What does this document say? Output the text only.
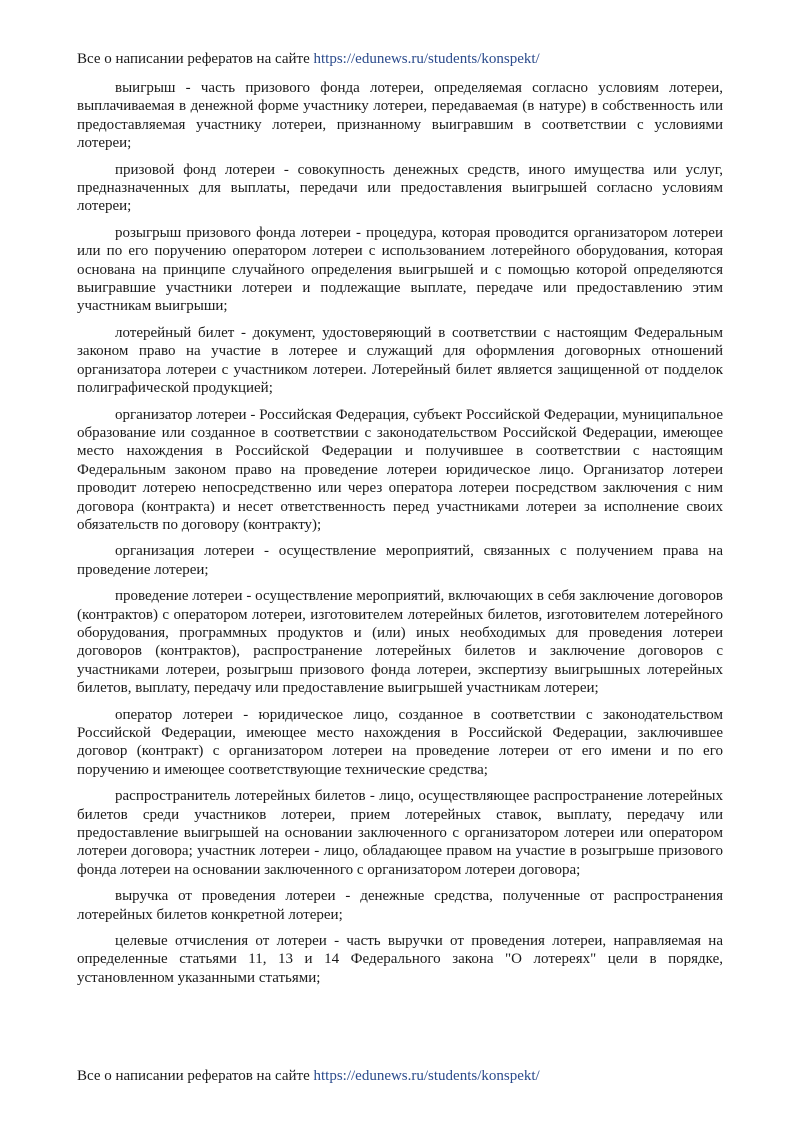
Все о написании рефератов на сайте https://edunews.ru/students/konspekt/

выигрыш - часть призового фонда лотереи, определяемая согласно условиям лотереи, выплачиваемая в денежной форме участнику лотереи, передаваемая (в натуре) в собственность или предоставляемая участнику лотереи, признанному выигравшим в соответствии с условиями лотереи;

призовой фонд лотереи - совокупность денежных средств, иного имущества или услуг, предназначенных для выплаты, передачи или предоставления выигрышей согласно условиям лотереи;

розыгрыш призового фонда лотереи - процедура, которая проводится организатором лотереи или по его поручению оператором лотереи с использованием лотерейного оборудования, которая основана на принципе случайного определения выигрышей и с помощью которой определяются выигравшие участники лотереи и подлежащие выплате, передаче или предоставлению этим участникам выигрыши;

лотерейный билет - документ, удостоверяющий в соответствии с настоящим Федеральным законом право на участие в лотерее и служащий для оформления договорных отношений организатора лотереи с участником лотереи. Лотерейный билет является защищенной от подделок полиграфической продукцией;

организатор лотереи - Российская Федерация, субъект Российской Федерации, муниципальное образование или созданное в соответствии с законодательством Российской Федерации, имеющее место нахождения в Российской Федерации и получившее в соответствии с настоящим Федеральным законом право на проведение лотереи юридическое лицо. Организатор лотереи проводит лотерею непосредственно или через оператора лотереи посредством заключения с ним договора (контракта) и несет ответственность перед участниками лотереи за исполнение своих обязательств по договору (контракту);

организация лотереи - осуществление мероприятий, связанных с получением права на проведение лотереи;

проведение лотереи - осуществление мероприятий, включающих в себя заключение договоров (контрактов) с оператором лотереи, изготовителем лотерейных билетов, изготовителем лотерейного оборудования, программных продуктов и (или) иных необходимых для проведения лотереи договоров (контрактов), распространение лотерейных билетов и заключение договоров с участниками лотереи, розыгрыш призового фонда лотереи, экспертизу выигрышных лотерейных билетов, выплату, передачу или предоставление выигрышей участникам лотереи;

оператор лотереи - юридическое лицо, созданное в соответствии с законодательством Российской Федерации, имеющее место нахождения в Российской Федерации, заключившее договор (контракт) с организатором лотереи на проведение лотереи от его имени и по его поручению и имеющее соответствующие технические средства;

распространитель лотерейных билетов - лицо, осуществляющее распространение лотерейных билетов среди участников лотереи, прием лотерейных ставок, выплату, передачу или предоставление выигрышей на основании заключенного с организатором лотереи или оператором лотереи договора; участник лотереи - лицо, обладающее правом на участие в розыгрыше призового фонда лотереи на основании заключенного с организатором лотереи договора;

выручка от проведения лотереи - денежные средства, полученные от распространения лотерейных билетов конкретной лотереи;

целевые отчисления от лотереи - часть выручки от проведения лотереи, направляемая на определенные статьями 11, 13 и 14 Федерального закона "О лотереях" цели в порядке, установленном указанными статьями;

Все о написании рефератов на сайте https://edunews.ru/students/konspekt/
